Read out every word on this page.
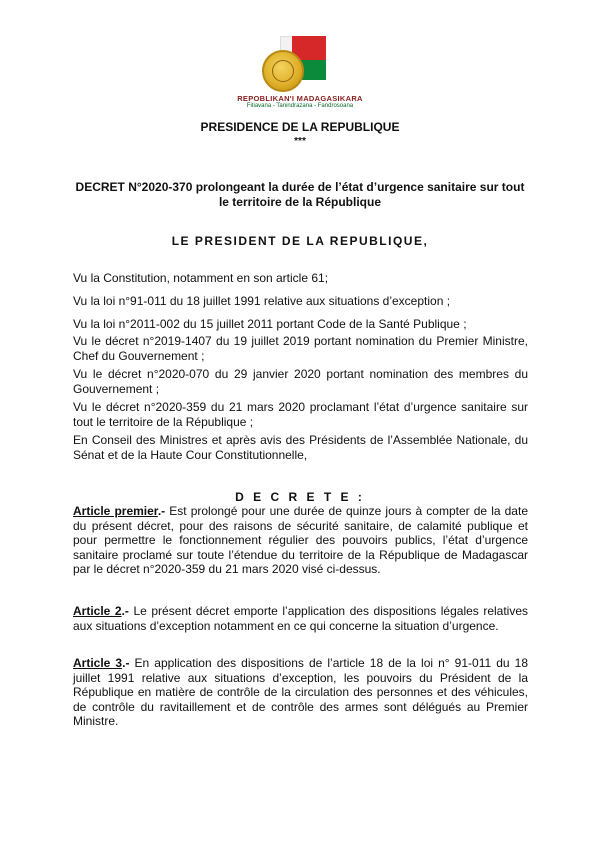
REPOBLIKAN'I MADAGASIKARA
Fitiavana - Tanindrazana - Fandrosoana
PRESIDENCE DE LA REPUBLIQUE
***
DECRET N°2020-370 prolongeant la durée de l’état d’urgence sanitaire sur tout le territoire de la République
LE PRESIDENT DE LA REPUBLIQUE,
Vu la Constitution, notamment en son article 61;
Vu la loi n°91-011 du 18 juillet 1991 relative aux situations d’exception ;
Vu la loi n°2011-002 du 15 juillet 2011 portant Code de la Santé Publique ;
Vu le décret n°2019-1407 du 19 juillet 2019 portant nomination du Premier Ministre, Chef du Gouvernement ;
Vu le décret n°2020-070 du 29 janvier 2020 portant nomination des membres du Gouvernement ;
Vu le décret n°2020-359 du 21 mars 2020 proclamant l’état d’urgence sanitaire sur tout le territoire de la République ;
En Conseil des Ministres et après avis des Présidents de l’Assemblée Nationale, du Sénat et de la Haute Cour Constitutionnelle,
D E C R E T E :
Article premier.- Est prolongé pour une durée de quinze jours à compter de la date du présent décret, pour des raisons de sécurité sanitaire, de calamité publique et pour permettre le fonctionnement régulier des pouvoirs publics, l’état d’urgence sanitaire proclamé sur toute l’étendue du territoire de la République de Madagascar par le décret n°2020-359 du 21 mars 2020 visé ci-dessus.
Article 2.- Le présent décret emporte l’application des dispositions légales relatives aux situations d’exception notamment en ce qui concerne la situation d’urgence.
Article 3.- En application des dispositions de l’article 18 de la loi n° 91-011 du 18 juillet 1991 relative aux situations d’exception, les pouvoirs du Président de la République en matière de contrôle de la circulation des personnes et des véhicules, de contrôle du ravitaillement et de contrôle des armes sont délégués au Premier Ministre.
